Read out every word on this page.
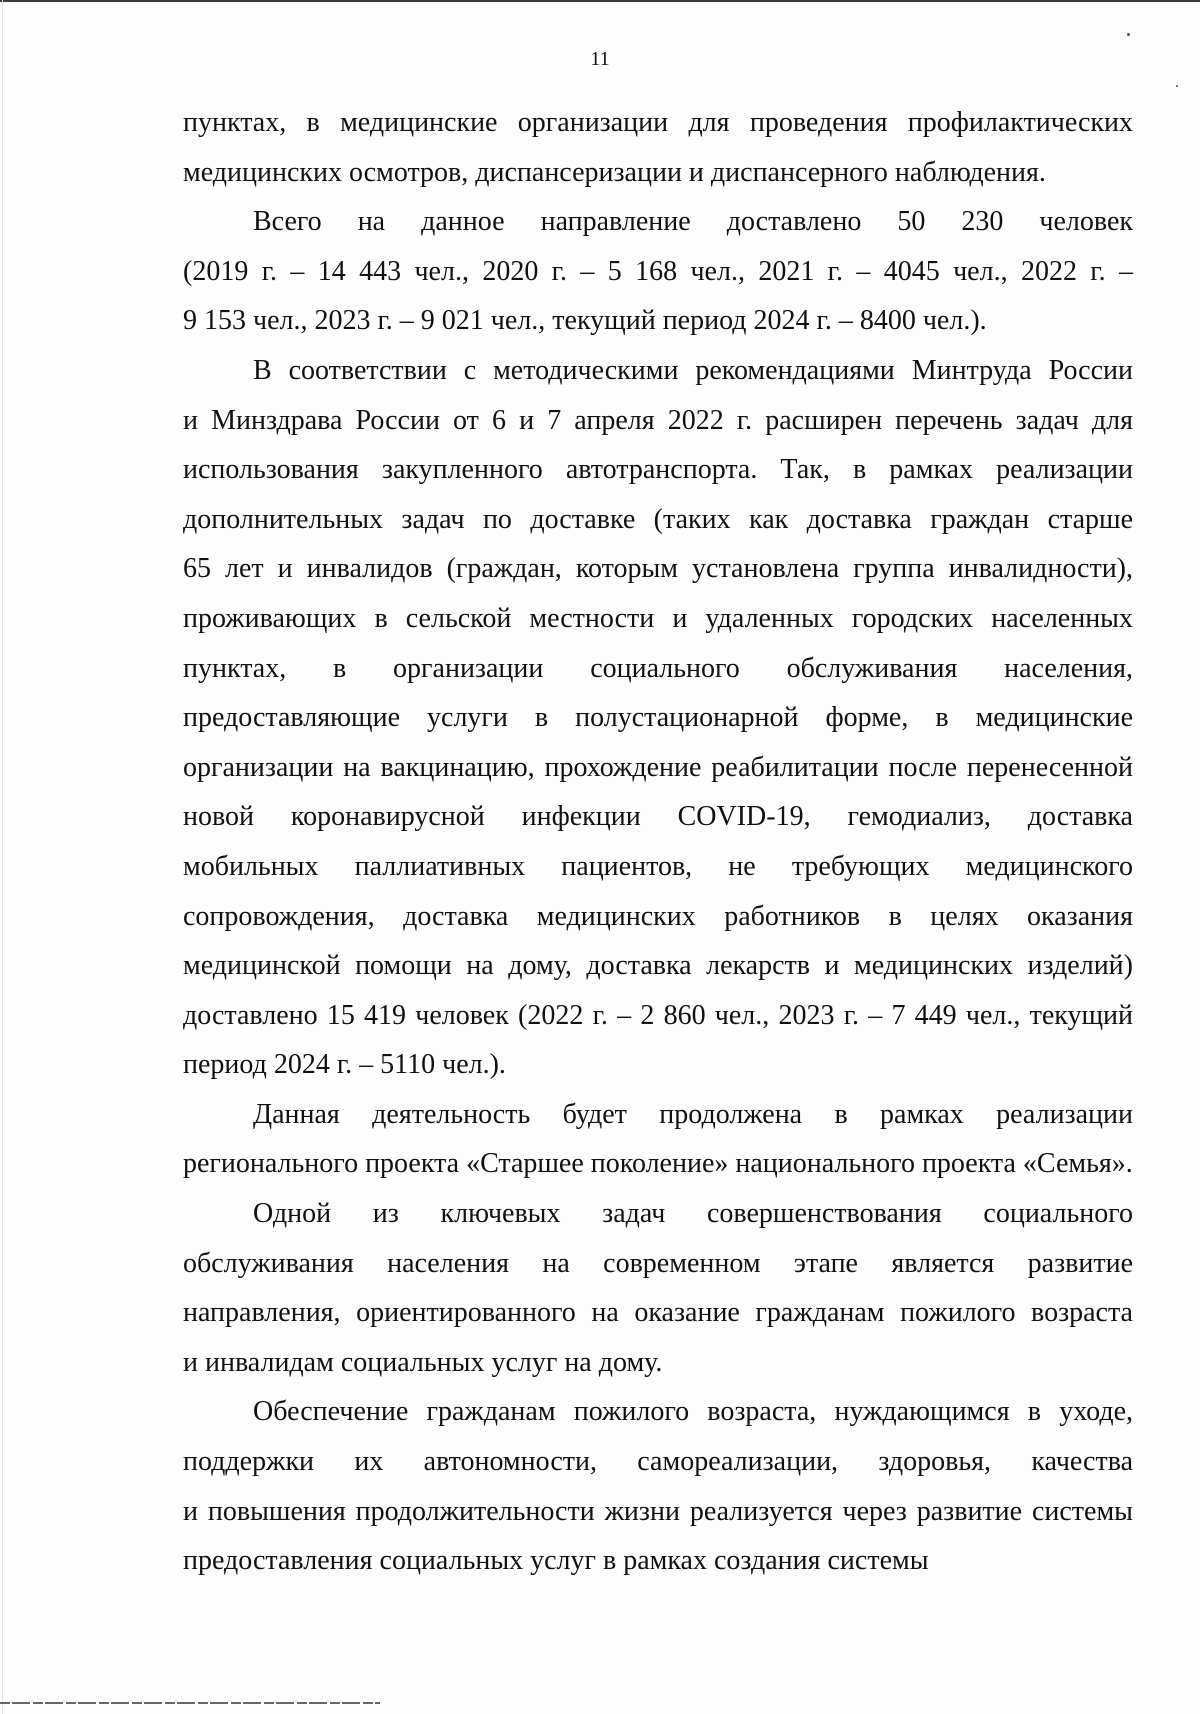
11
пунктах, в медицинские организации для проведения профилактических
медицинских осмотров, диспансеризации и диспансерного наблюдения.
Всего на данное направление доставлено 50 230 человек
(2019 г. – 14 443 чел., 2020 г. – 5 168 чел., 2021 г. – 4045 чел., 2022 г. –
9 153 чел., 2023 г. – 9 021 чел., текущий период 2024 г. – 8400 чел.).
В соответствии с методическими рекомендациями Минтруда России
и Минздрава России от 6 и 7 апреля 2022 г. расширен перечень задач для
использования закупленного автотранспорта. Так, в рамках реализации
дополнительных задач по доставке (таких как доставка граждан старше
65 лет и инвалидов (граждан, которым установлена группа инвалидности),
проживающих в сельской местности и удаленных городских населенных
пунктах, в организации социального обслуживания населения,
предоставляющие услуги в полустационарной форме, в медицинские
организации на вакцинацию, прохождение реабилитации после перенесенной
новой коронавирусной инфекции COVID-19, гемодиализ, доставка
мобильных паллиативных пациентов, не требующих медицинского
сопровождения, доставка медицинских работников в целях оказания
медицинской помощи на дому, доставка лекарств и медицинских изделий)
доставлено 15 419 человек (2022 г. – 2 860 чел., 2023 г. – 7 449 чел., текущий
период 2024 г. – 5110 чел.).
Данная деятельность будет продолжена в рамках реализации
регионального проекта «Старшее поколение» национального проекта «Семья».
Одной из ключевых задач совершенствования социального
обслуживания населения на современном этапе является развитие
направления, ориентированного на оказание гражданам пожилого возраста
и инвалидам социальных услуг на дому.
Обеспечение гражданам пожилого возраста, нуждающимся в уходе,
поддержки их автономности, самореализации, здоровья, качества
и повышения продолжительности жизни реализуется через развитие системы
предоставления социальных услуг в рамках создания системы
